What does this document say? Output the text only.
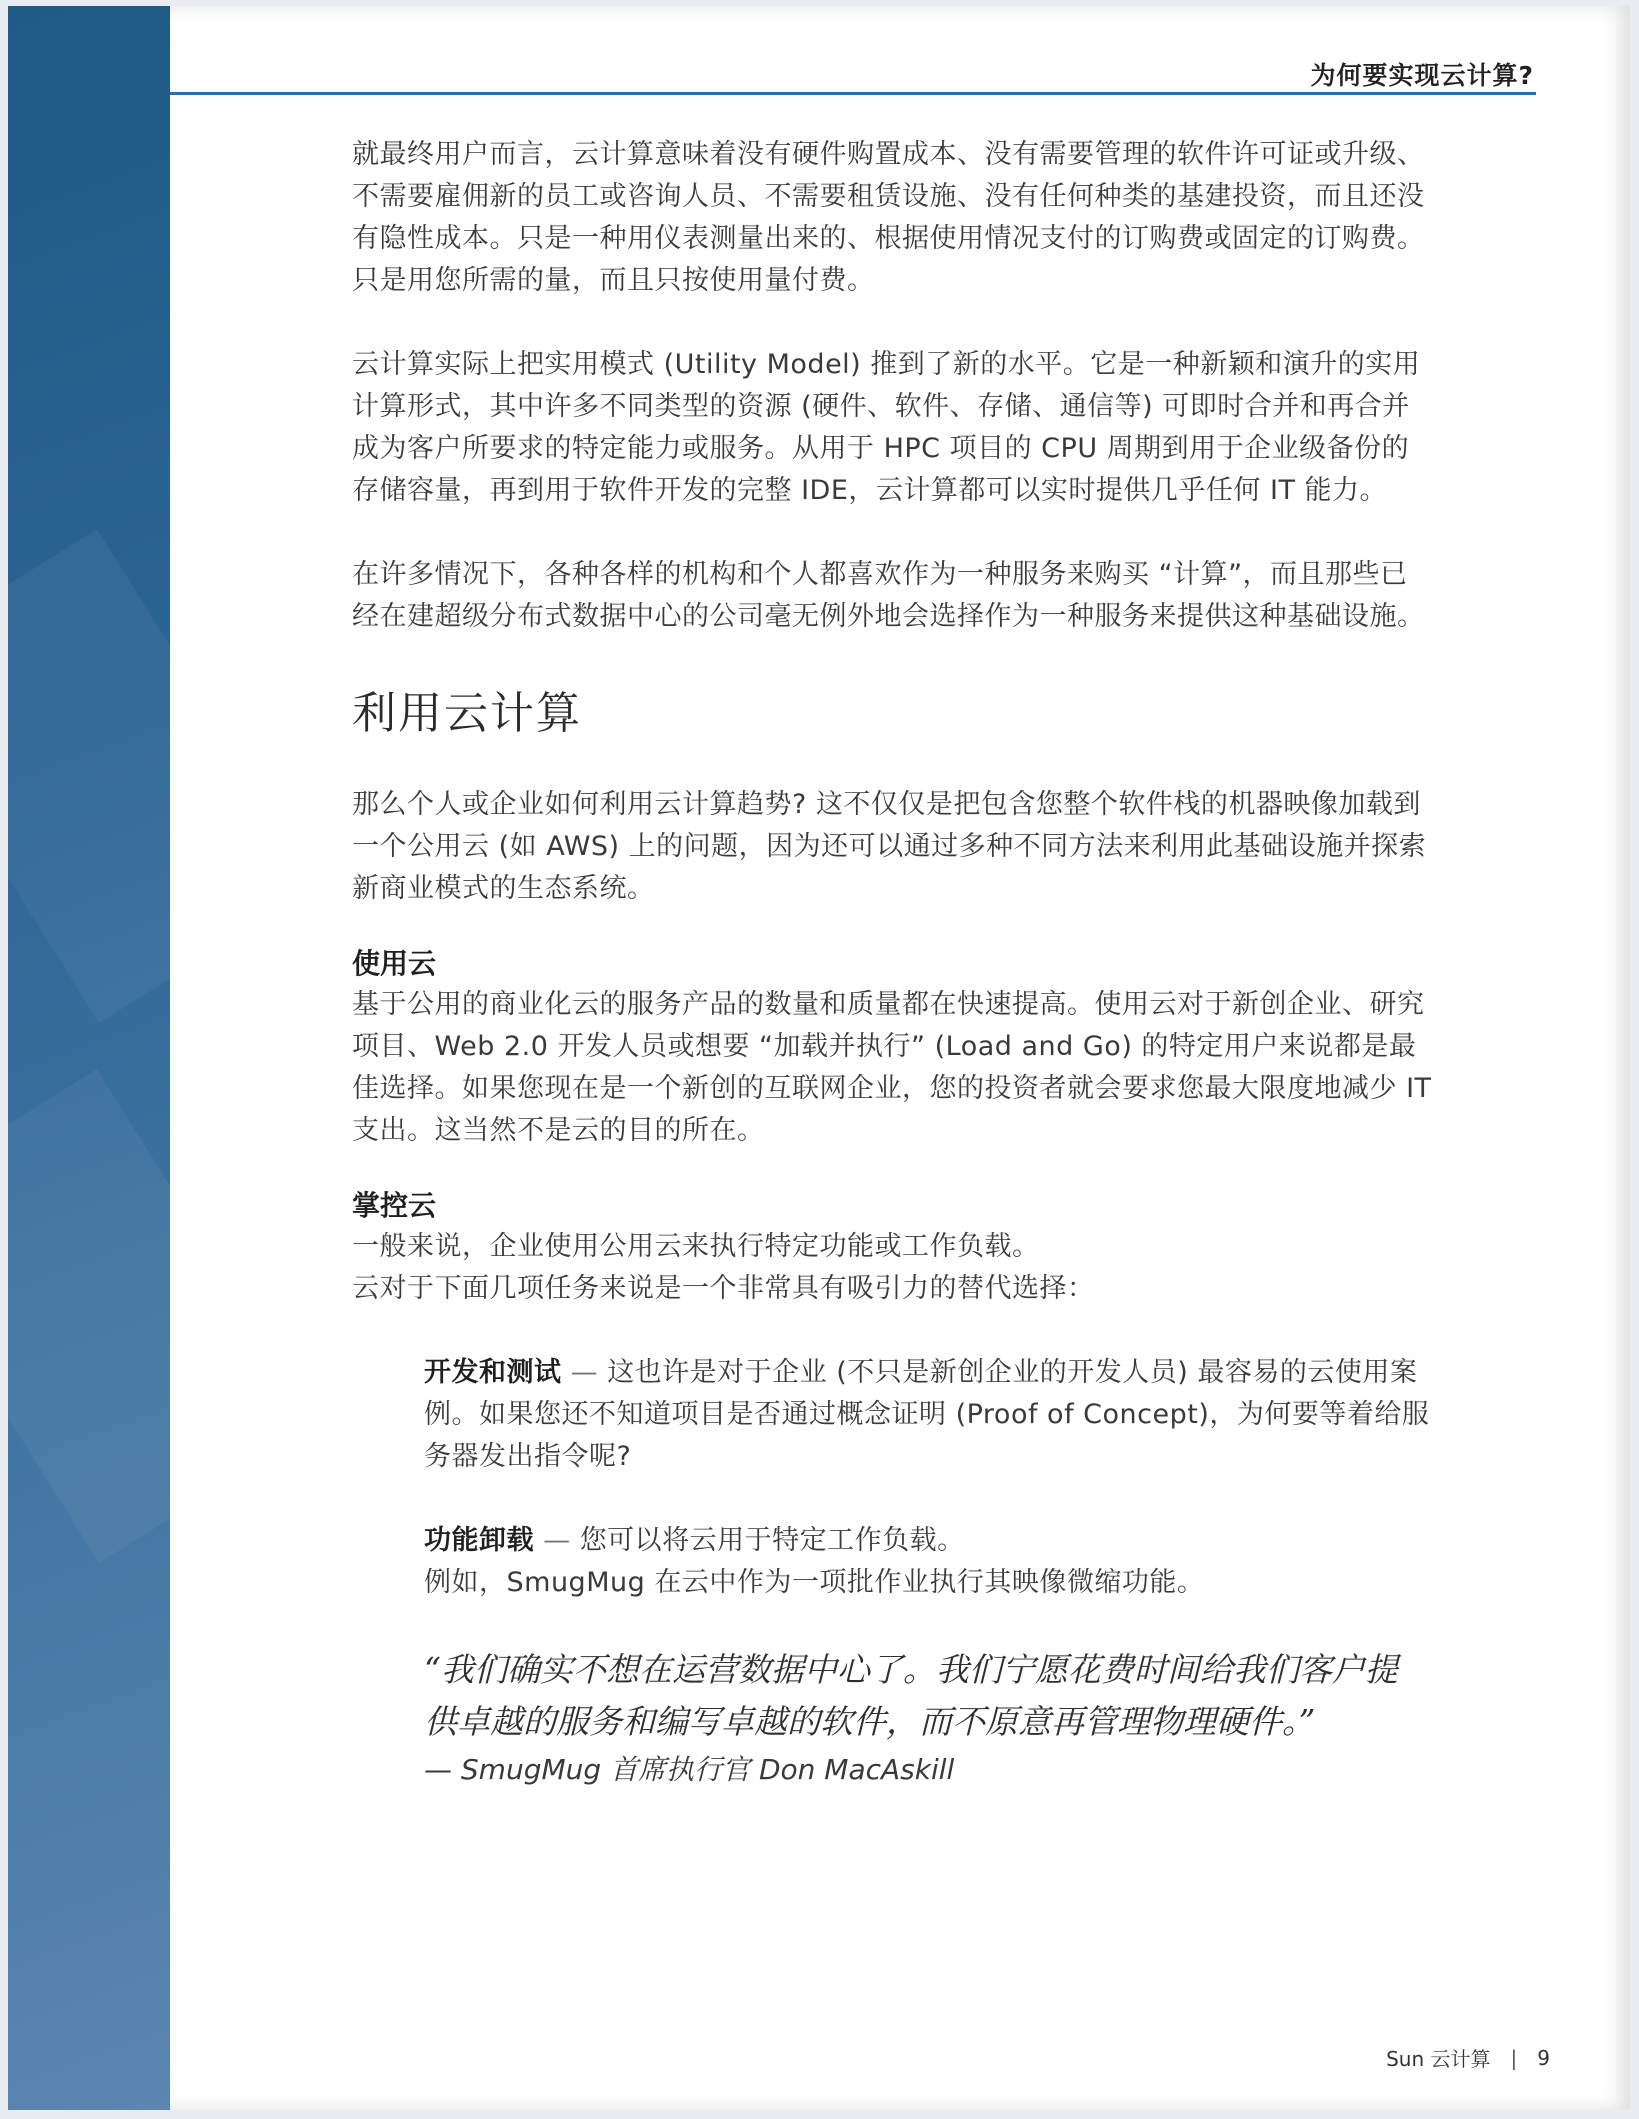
为何要实现云计算?

就最终用户而言，云计算意味着没有硬件购置成本、没有需要管理的软件许可证或升级、不需要雇佣新的员工或咨询人员、不需要租赁设施、没有任何种类的基建投资，而且还没有隐性成本。只是一种用仪表测量出来的、根据使用情况支付的订购费或固定的订购费。只是用您所需的量，而且只按使用量付费。

云计算实际上把实用模式 (Utility Model) 推到了新的水平。它是一种新颖和演升的实用计算形式，其中许多不同类型的资源 (硬件、软件、存储、通信等) 可即时合并和再合并成为客户所要求的特定能力或服务。从用于 HPC 项目的 CPU 周期到用于企业级备份的存储容量，再到用于软件开发的完整 IDE，云计算都可以实时提供几乎任何 IT 能力。

在许多情况下，各种各样的机构和个人都喜欢作为一种服务来购买 “计算”，而且那些已经在建超级分布式数据中心的公司毫无例外地会选择作为一种服务来提供这种基础设施。

利用云计算

那么个人或企业如何利用云计算趋势? 这不仅仅是把包含您整个软件栈的机器映像加载到一个公用云 (如 AWS) 上的问题，因为还可以通过多种不同方法来利用此基础设施并探索新商业模式的生态系统。

使用云

基于公用的商业化云的服务产品的数量和质量都在快速提高。使用云对于新创企业、研究项目、Web 2.0 开发人员或想要 “加载并执行” (Load and Go) 的特定用户来说都是最佳选择。如果您现在是一个新创的互联网企业，您的投资者就会要求您最大限度地减少 IT 支出。这当然不是云的目的所在。

掌控云

一般来说，企业使用公用云来执行特定功能或工作负载。

云对于下面几项任务来说是一个非常具有吸引力的替代选择：

开发和测试 — 这也许是对于企业 (不只是新创企业的开发人员) 最容易的云使用案例。如果您还不知道项目是否通过概念证明 (Proof of Concept)，为何要等着给服务器发出指令呢?

功能卸载 — 您可以将云用于特定工作负载。

例如，SmugMug 在云中作为一项批作业执行其映像微缩功能。

“我们确实不想在运营数据中心了。我们宁愿花费时间给我们客户提供卓越的服务和编写卓越的软件，而不原意再管理物理硬件。”

— SmugMug 首席执行官 Don MacAskill

Sun 云计算 | 9
